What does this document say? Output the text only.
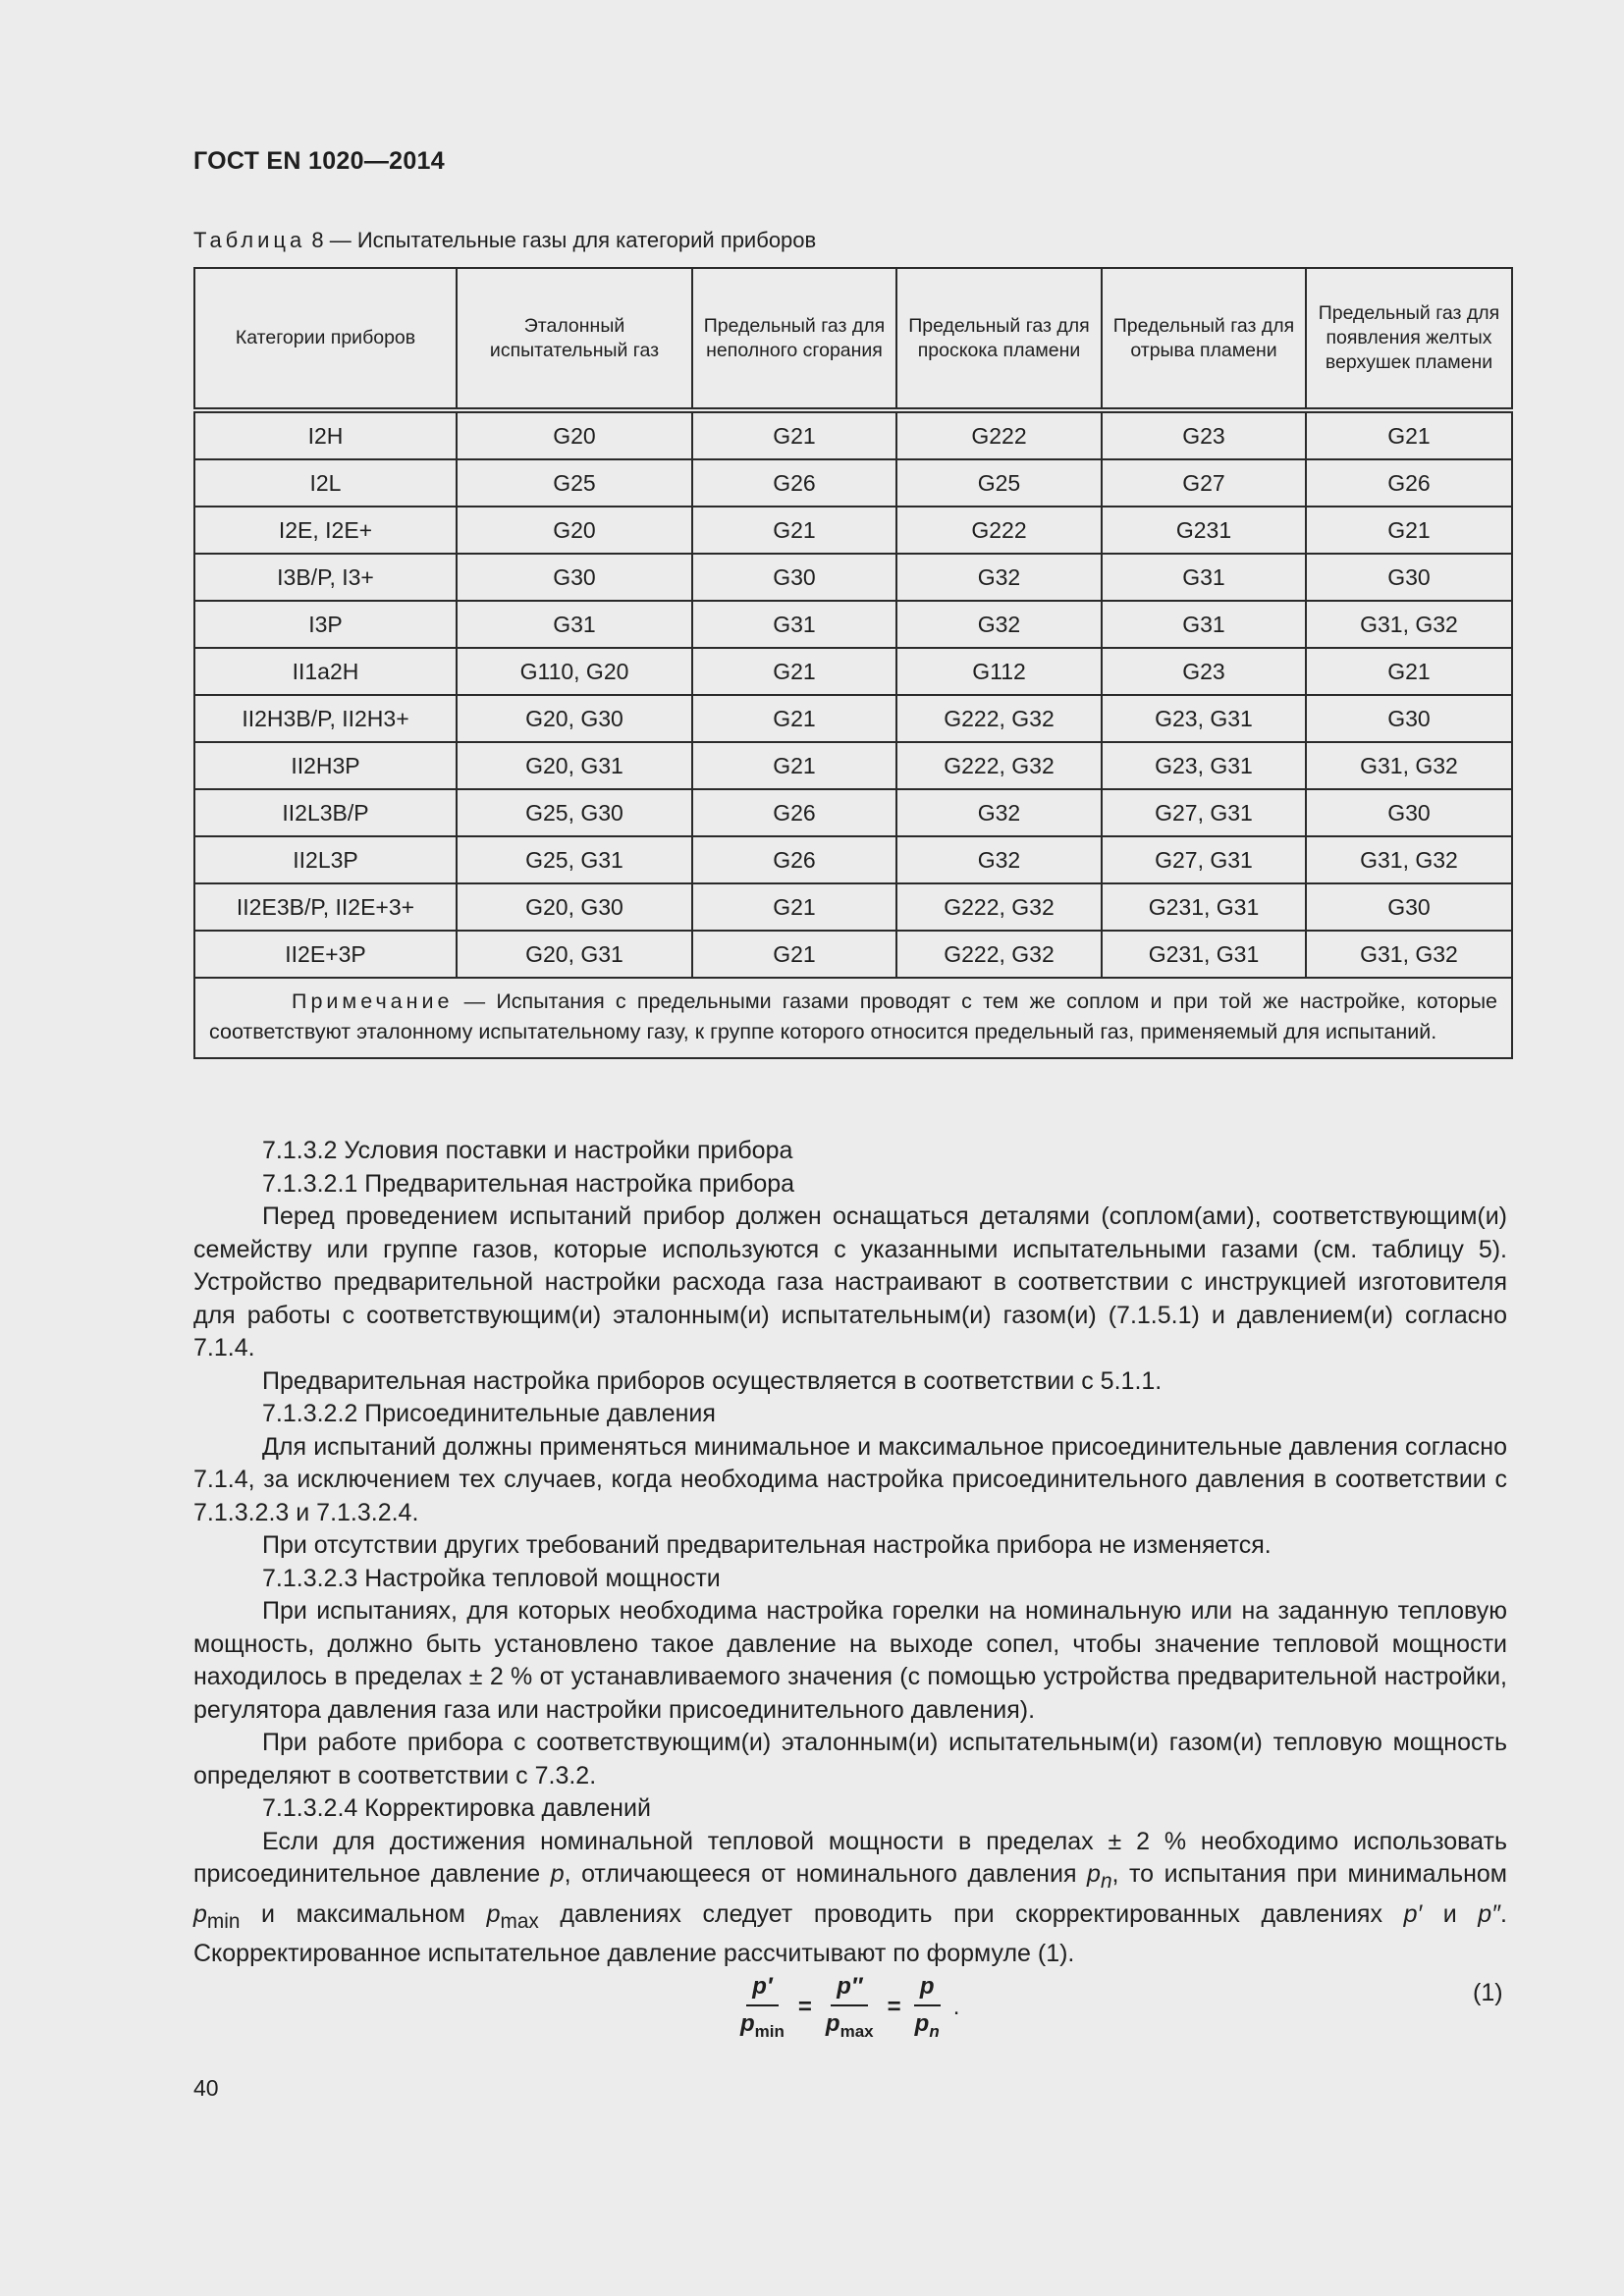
ГОСТ EN 1020—2014
Таблица 8 — Испытательные газы для категорий приборов
Категории приборов	Эталонный испытательный газ	Предельный газ для неполного сгорания	Предельный газ для проскока пламени	Предельный газ для отрыва пламени	Предельный газ для появления желтых верхушек пламени
I2H	G20	G21	G222	G23	G21
I2L	G25	G26	G25	G27	G26
I2E, I2E+	G20	G21	G222	G231	G21
I3B/P, I3+	G30	G30	G32	G31	G30
I3P	G31	G31	G32	G31	G31, G32
II1a2H	G110, G20	G21	G112	G23	G21
II2H3B/P, II2H3+	G20, G30	G21	G222, G32	G23, G31	G30
II2H3P	G20, G31	G21	G222, G32	G23, G31	G31, G32
II2L3B/P	G25, G30	G26	G32	G27, G31	G30
II2L3P	G25, G31	G26	G32	G27, G31	G31, G32
II2E3B/P, II2E+3+	G20, G30	G21	G222, G32	G231, G31	G30
II2E+3P	G20, G31	G21	G222, G32	G231, G31	G31, G32
Примечание — Испытания с предельными газами проводят с тем же соплом и при той же настройке, которые соответствуют эталонному испытательному газу, к группе которого относится предельный газ, применяемый для испытаний.					

7.1.3.2 Условия поставки и настройки прибора

7.1.3.2.1 Предварительная настройка прибора

Перед проведением испытаний прибор должен оснащаться деталями (соплом(ами), соответствующим(и) семейству или группе газов, которые используются с указанными испытательными газами (см. таблицу 5). Устройство предварительной настройки расхода газа настраивают в соответствии с инструкцией изготовителя для работы с соответствующим(и) эталонным(и) испытательным(и) газом(и) (7.1.5.1) и давлением(и) согласно 7.1.4.

Предварительная настройка приборов осуществляется в соответствии с 5.1.1.

7.1.3.2.2 Присоединительные давления

Для испытаний должны применяться минимальное и максимальное присоединительные давления согласно 7.1.4, за исключением тех случаев, когда необходима настройка присоединительного давления в соответствии с 7.1.3.2.3 и 7.1.3.2.4.

При отсутствии других требований предварительная настройка прибора не изменяется.

7.1.3.2.3 Настройка тепловой мощности

При испытаниях, для которых необходима настройка горелки на номинальную или на заданную тепловую мощность, должно быть установлено такое давление на выходе сопел, чтобы значение тепловой мощности находилось в пределах ± 2 % от устанавливаемого значения (с помощью устройства предварительной настройки, регулятора давления газа или настройки присоединительного давления).

При работе прибора с соответствующим(и) эталонным(и) испытательным(и) газом(и) тепловую мощность определяют в соответствии с 7.3.2.

7.1.3.2.4 Корректировка давлений

Если для достижения номинальной тепловой мощности в пределах ± 2 % необходимо использовать присоединительное давление p, отличающееся от номинального давления $p_n$, то испытания при минимальном $p_{min}$ и максимальном $p_{max}$ давлениях следует проводить при скорректированных давлениях p′ и p″. Скорректированное испытательное давление рассчитывают по формуле (1).

$\frac{p'}{p_{min}} = \frac{p''}{p_{max}} = \frac{p}{p_n}$ .
(1)
40
